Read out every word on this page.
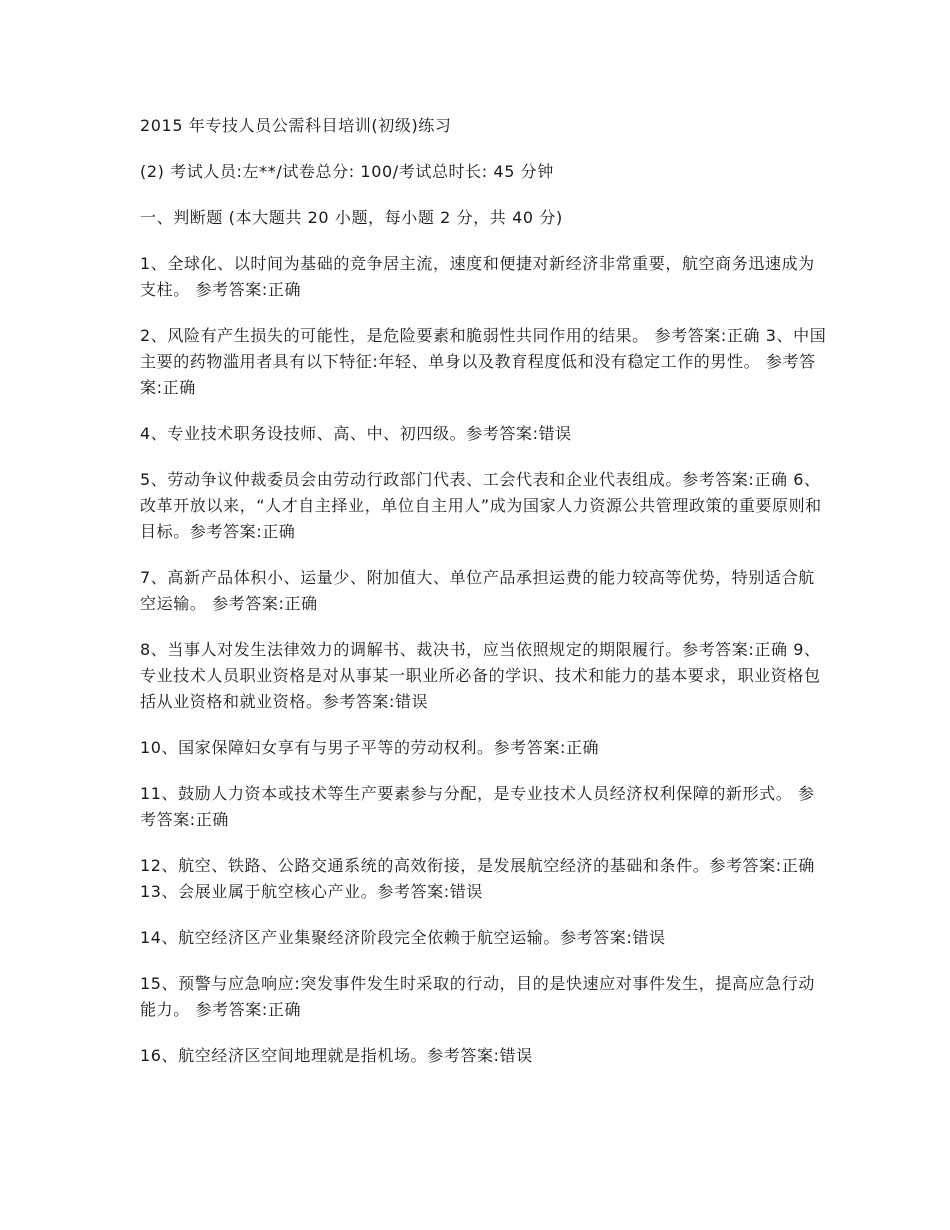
2015 年专技人员公需科目培训(初级)练习

(2) 考试人员:左**/试卷总分: 100/考试总时长: 45 分钟

一、判断题 (本大题共 20 小题，每小题 2 分，共 40 分)

1、全球化、以时间为基础的竞争居主流，速度和便捷对新经济非常重要，航空商务迅速成为支柱。 参考答案:正确

2、风险有产生损失的可能性，是危险要素和脆弱性共同作用的结果。 参考答案:正确 3、中国主要的药物滥用者具有以下特征:年轻、单身以及教育程度低和没有稳定工作的男性。 参考答案:正确

4、专业技术职务设技师、高、中、初四级。参考答案:错误

5、劳动争议仲裁委员会由劳动行政部门代表、工会代表和企业代表组成。参考答案:正确 6、改革开放以来，“人才自主择业，单位自主用人”成为国家人力资源公共管理政策的重要原则和目标。参考答案:正确

7、高新产品体积小、运量少、附加值大、单位产品承担运费的能力较高等优势，特别适合航空运输。 参考答案:正确

8、当事人对发生法律效力的调解书、裁决书，应当依照规定的期限履行。参考答案:正确 9、专业技术人员职业资格是对从事某一职业所必备的学识、技术和能力的基本要求，职业资格包括从业资格和就业资格。参考答案:错误

10、国家保障妇女享有与男子平等的劳动权利。参考答案:正确

11、鼓励人力资本或技术等生产要素参与分配，是专业技术人员经济权利保障的新形式。 参考答案:正确

12、航空、铁路、公路交通系统的高效衔接，是发展航空经济的基础和条件。参考答案:正确 13、会展业属于航空核心产业。参考答案:错误

14、航空经济区产业集聚经济阶段完全依赖于航空运输。参考答案:错误

15、预警与应急响应:突发事件发生时采取的行动，目的是快速应对事件发生，提高应急行动能力。 参考答案:正确

16、航空经济区空间地理就是指机场。参考答案:错误
